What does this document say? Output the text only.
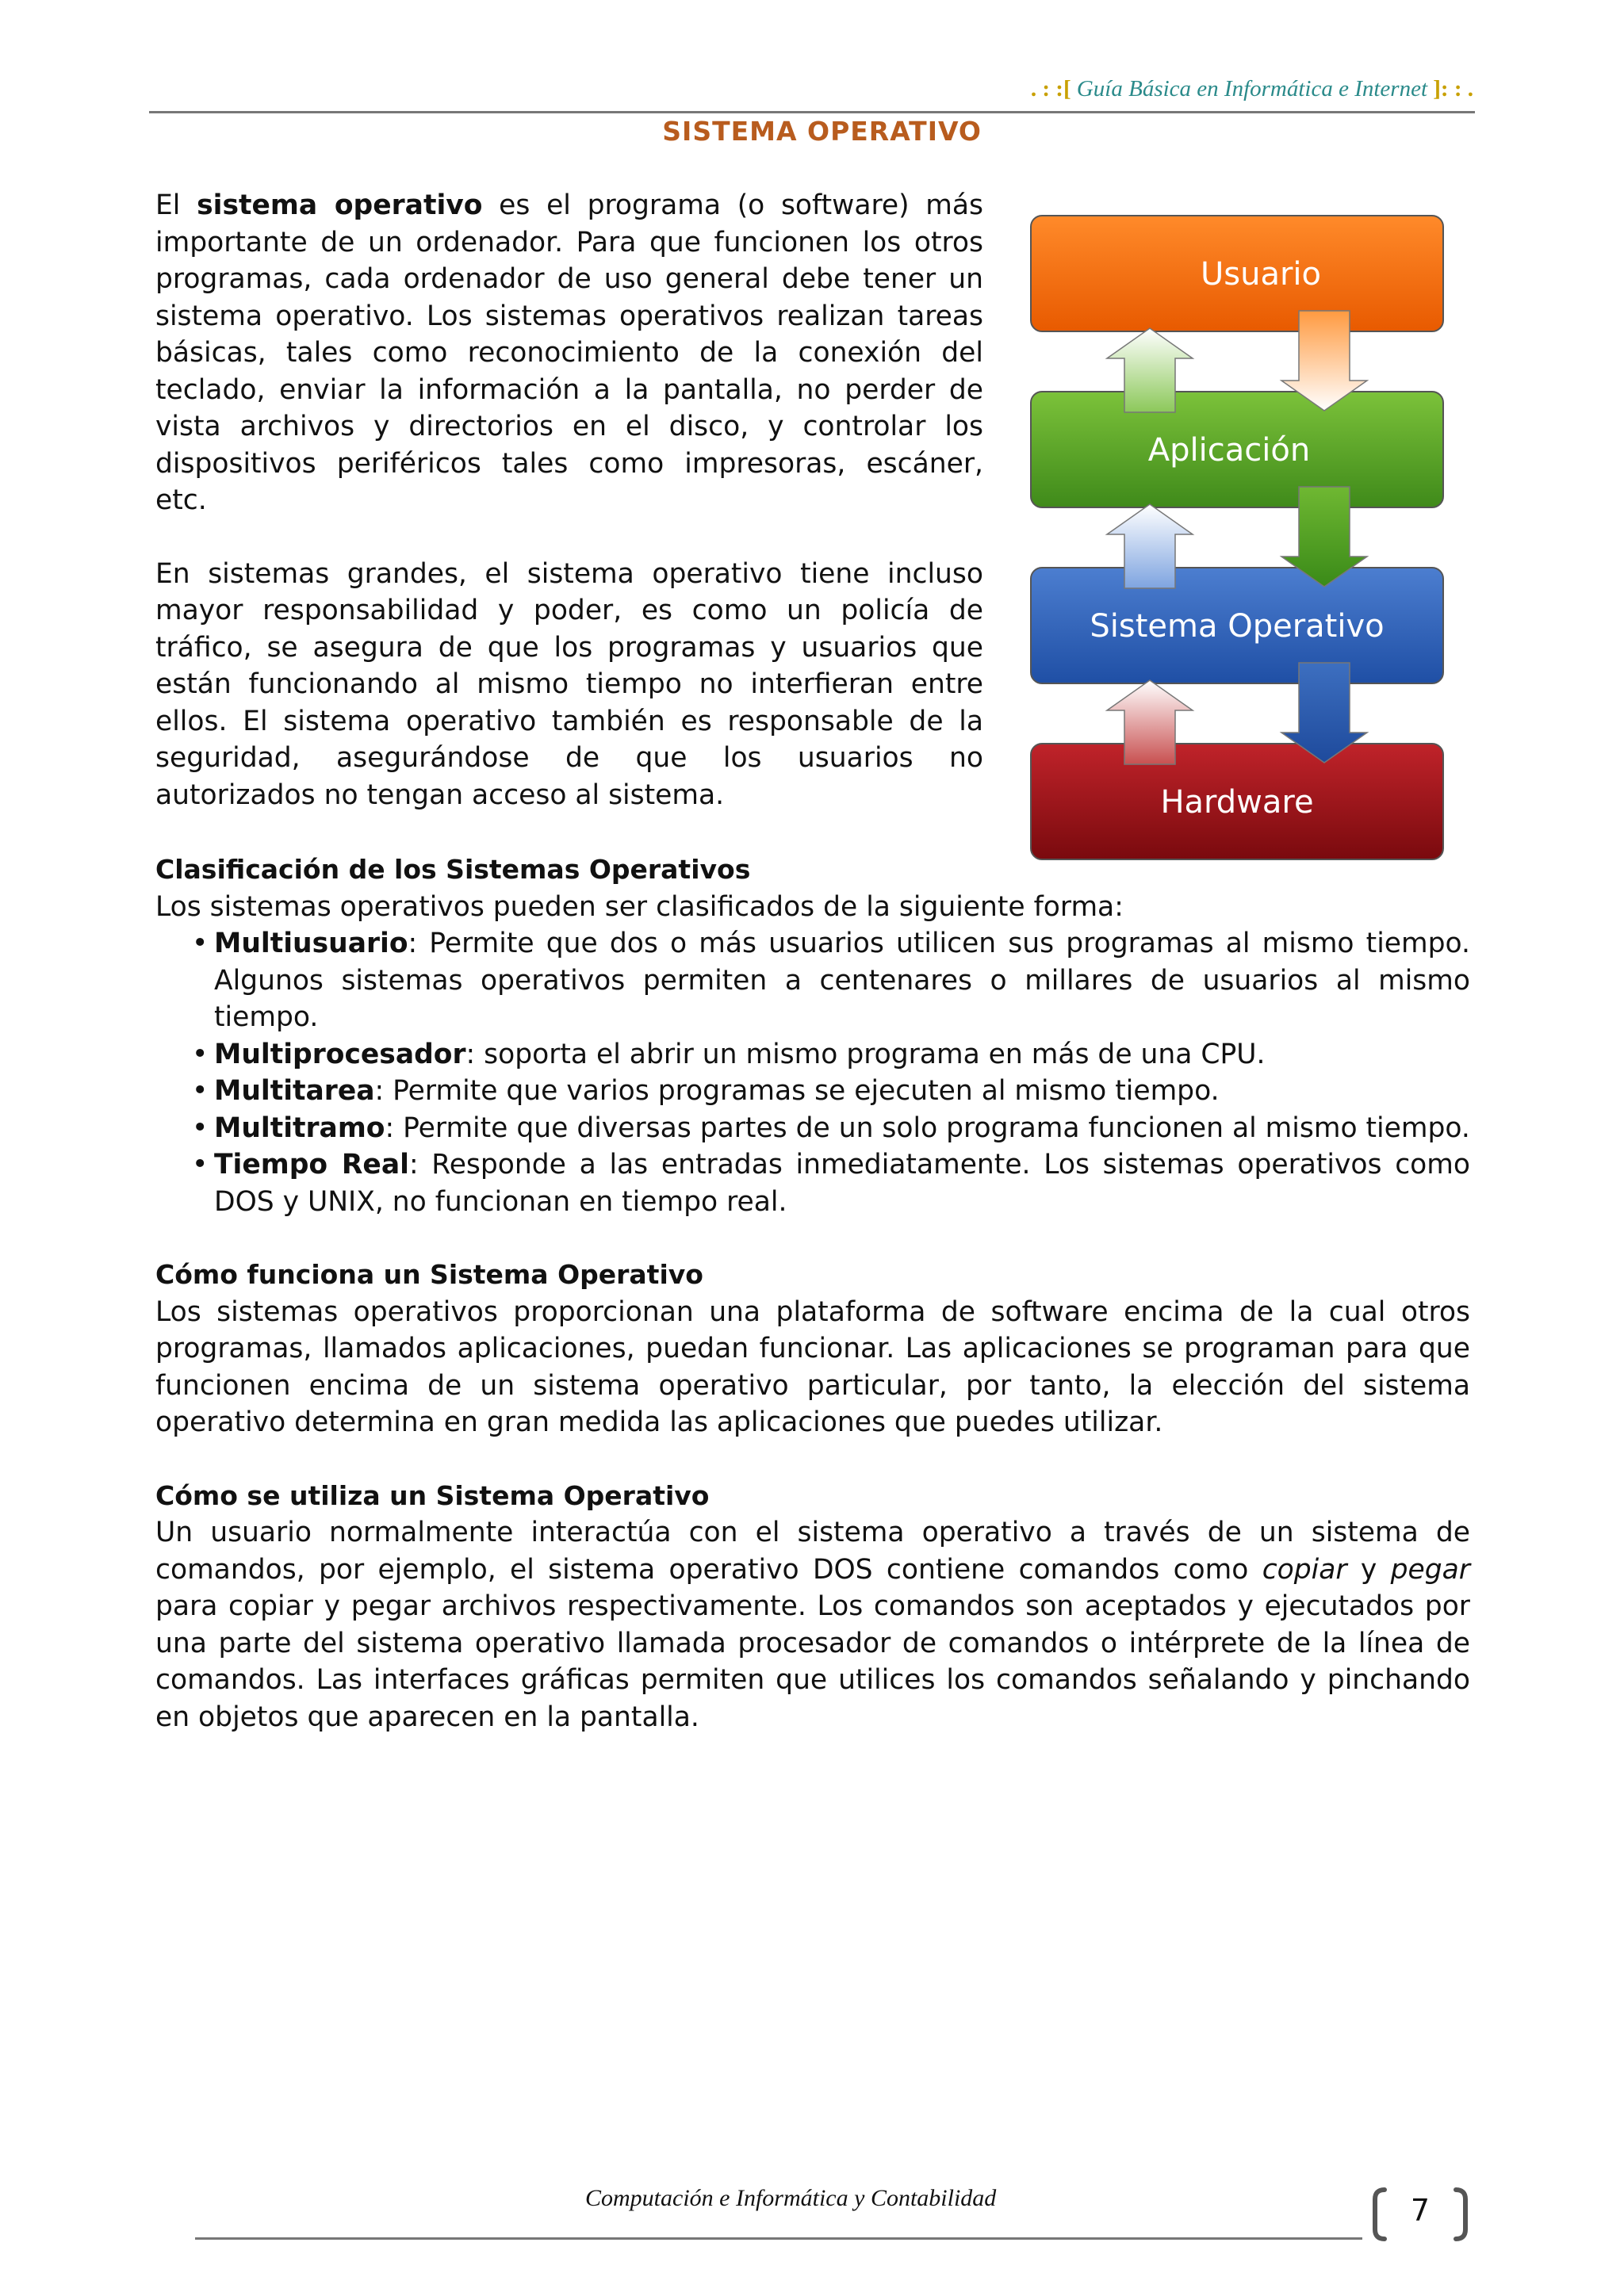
. : :[ Guía Básica en Informática e Internet ]: : .
SISTEMA OPERATIVO

El sistema operativo es el programa (o software) más importante de un ordenador. Para que funcionen los otros programas, cada ordenador de uso general debe tener un sistema operativo. Los sistemas operativos realizan tareas básicas, tales como reconocimiento de la conexión del teclado, enviar la información a la pantalla, no perder de vista archivos y directorios en el disco, y controlar los dispositivos periféricos tales como impresoras, escáner, etc.

En sistemas grandes, el sistema operativo tiene incluso mayor responsabilidad y poder, es como un policía de tráfico, se asegura de que los programas y usuarios que están funcionando al mismo tiempo no interfieran entre ellos. El sistema operativo también es responsable de la seguridad, asegurándose de que los usuarios no autorizados no tengan acceso al sistema.

Usuario
Aplicación
Sistema Operativo
Hardware
Clasificación de los Sistemas Operativos

Los sistemas operativos pueden ser clasificados de la siguiente forma:

• Multiusuario: Permite que dos o más usuarios utilicen sus programas al mismo tiempo. Algunos sistemas operativos permiten a centenares o millares de usuarios al mismo tiempo.
• Multiprocesador: soporta el abrir un mismo programa en más de una CPU.
• Multitarea: Permite que varios programas se ejecuten al mismo tiempo.
• Multitramo: Permite que diversas partes de un solo programa funcionen al mismo tiempo.
• Tiempo Real: Responde a las entradas inmediatamente. Los sistemas operativos como DOS y UNIX, no funcionan en tiempo real.
Cómo funciona un Sistema Operativo

Los sistemas operativos proporcionan una plataforma de software encima de la cual otros programas, llamados aplicaciones, puedan funcionar. Las aplicaciones se programan para que funcionen encima de un sistema operativo particular, por tanto, la elección del sistema operativo determina en gran medida las aplicaciones que puedes utilizar.

Cómo se utiliza un Sistema Operativo

Un usuario normalmente interactúa con el sistema operativo a través de un sistema de comandos, por ejemplo, el sistema operativo DOS contiene comandos como copiar y pegar para copiar y pegar archivos respectivamente. Los comandos son aceptados y ejecutados por una parte del sistema operativo llamada procesador de comandos o intérprete de la línea de comandos. Las interfaces gráficas permiten que utilices los comandos señalando y pinchando en objetos que aparecen en la pantalla.

Computación e Informática y Contabilidad	7
